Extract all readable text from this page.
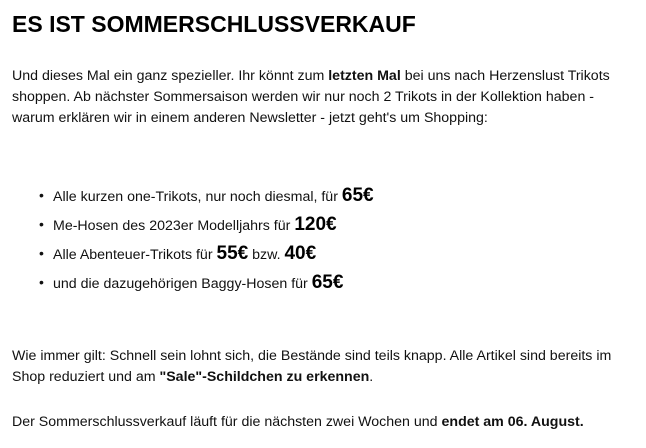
ES IST SOMMERSCHLUSSVERKAUF

Und dieses Mal ein ganz spezieller. Ihr könnt zum letzten Mal bei uns nach Herzenslust Trikots shoppen. Ab nächster Sommersaison werden wir nur noch 2 Trikots in der Kollektion haben - warum erklären wir in einem anderen Newsletter - jetzt geht's um Shopping:

• Alle kurzen one-Trikots, nur noch diesmal, für 65€
• Me-Hosen des 2023er Modelljahrs für 120€
• Alle Abenteuer-Trikots für 55€ bzw. 40€
• und die dazugehörigen Baggy-Hosen für 65€

Wie immer gilt: Schnell sein lohnt sich, die Bestände sind teils knapp. Alle Artikel sind bereits im Shop reduziert und am "Sale"-Schildchen zu erkennen.

Der Sommerschlussverkauf läuft für die nächsten zwei Wochen und endet am 06. August.
